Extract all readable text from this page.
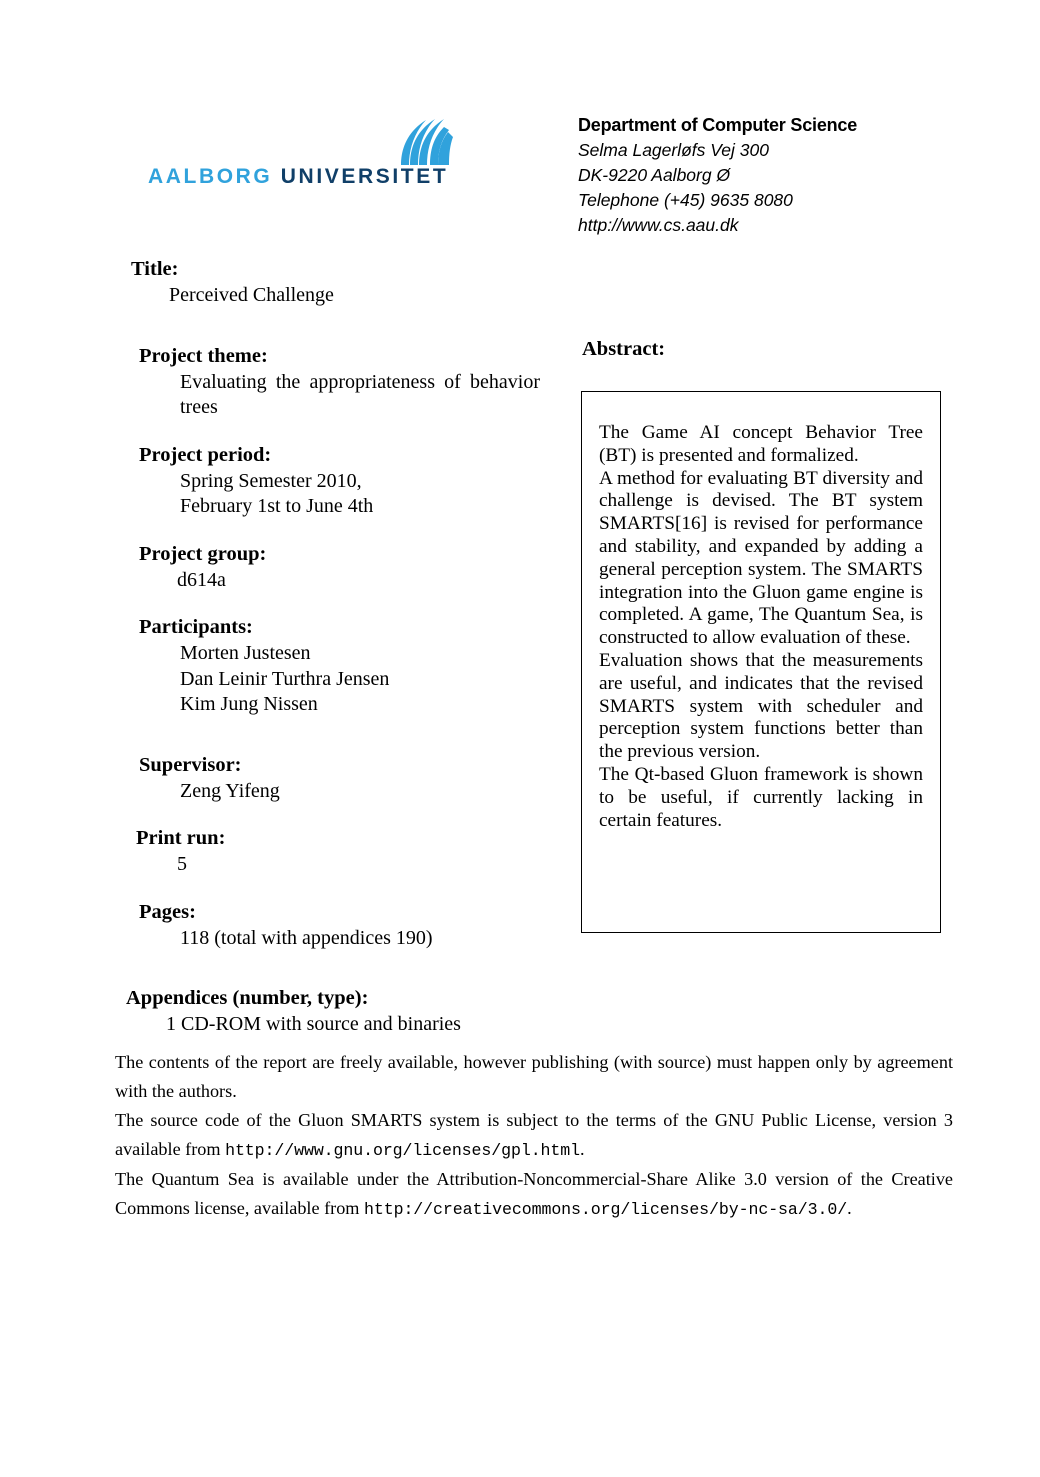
AALBORG UNIVERSITET
Department of Computer Science
Selma Lagerløfs Vej 300
DK-9220 Aalborg Ø
Telephone (+45) 9635 8080
http://www.cs.aau.dk
Title:
Perceived Challenge
Project theme:
Evaluating the appropriateness of behavior trees
Project period:
Spring Semester 2010,
February 1st to June 4th
Project group:
d614a
Participants:
Morten Justesen
Dan Leinir Turthra Jensen
Kim Jung Nissen
Supervisor:
Zeng Yifeng
Print run:
5
Pages:
118 (total with appendices 190)
Appendices (number, type):
1 CD-ROM with source and binaries
Abstract:

The Game AI concept Behavior Tree (BT) is presented and formalized.

A method for evaluating BT diversity and challenge is devised. The BT system SMARTS[16] is revised for performance and stability, and expanded by adding a general perception system. The SMARTS integration into the Gluon game engine is completed. A game, The Quantum Sea, is constructed to allow evaluation of these.

Evaluation shows that the measurements are useful, and indicates that the revised SMARTS system with scheduler and perception system functions better than the previous version.

The Qt-based Gluon framework is shown to be useful, if currently lacking in certain features.

The contents of the report are freely available, however publishing (with source) must happen only by agreement with the authors.

The source code of the Gluon SMARTS system is subject to the terms of the GNU Public License, version 3 available from http://www.gnu.org/licenses/gpl.html.

The Quantum Sea is available under the Attribution-Noncommercial-Share Alike 3.0 version of the Creative Commons license, available from http://creativecommons.org/licenses/by-nc-sa/3.0/.
